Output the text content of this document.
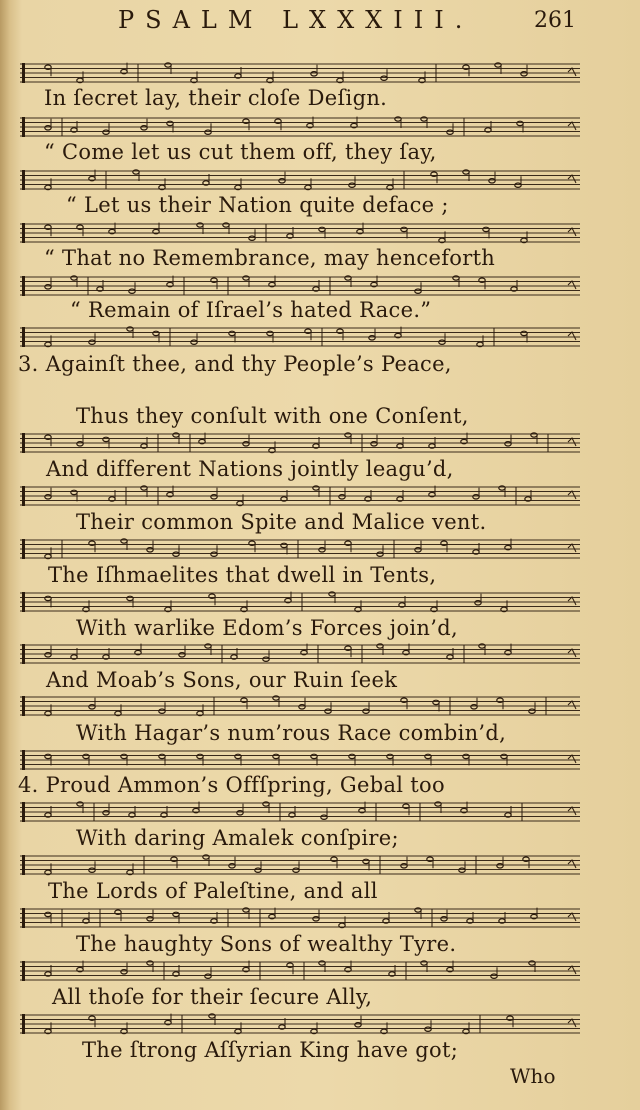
PSALM LXXXIII.	261
In ſecret lay, their cloſe Deſign.
“ Come let us cut them off, they ſay,
“ Let us their Nation quite deface ;
“ That no Remembrance, may henceforth
“ Remain of Iſrael’s hated Race.”
3. Againſt thee, and thy People’s Peace,
Thus they conſult with one Conſent,
And different Nations jointly leagu’d,
Their common Spite and Malice vent.
The Iſhmaelites that dwell in Tents,
With warlike Edom’s Forces join’d,
And Moab’s Sons, our Ruin ſeek
With Hagar’s num’rous Race combin’d,
4. Proud Ammon’s Offſpring, Gebal too
With daring Amalek conſpire;
The Lords of Paleſtine, and all
The haughty Sons of wealthy Tyre.
All thoſe for their ſecure Ally,
The ſtrong Aſſyrian King have got;
Who
